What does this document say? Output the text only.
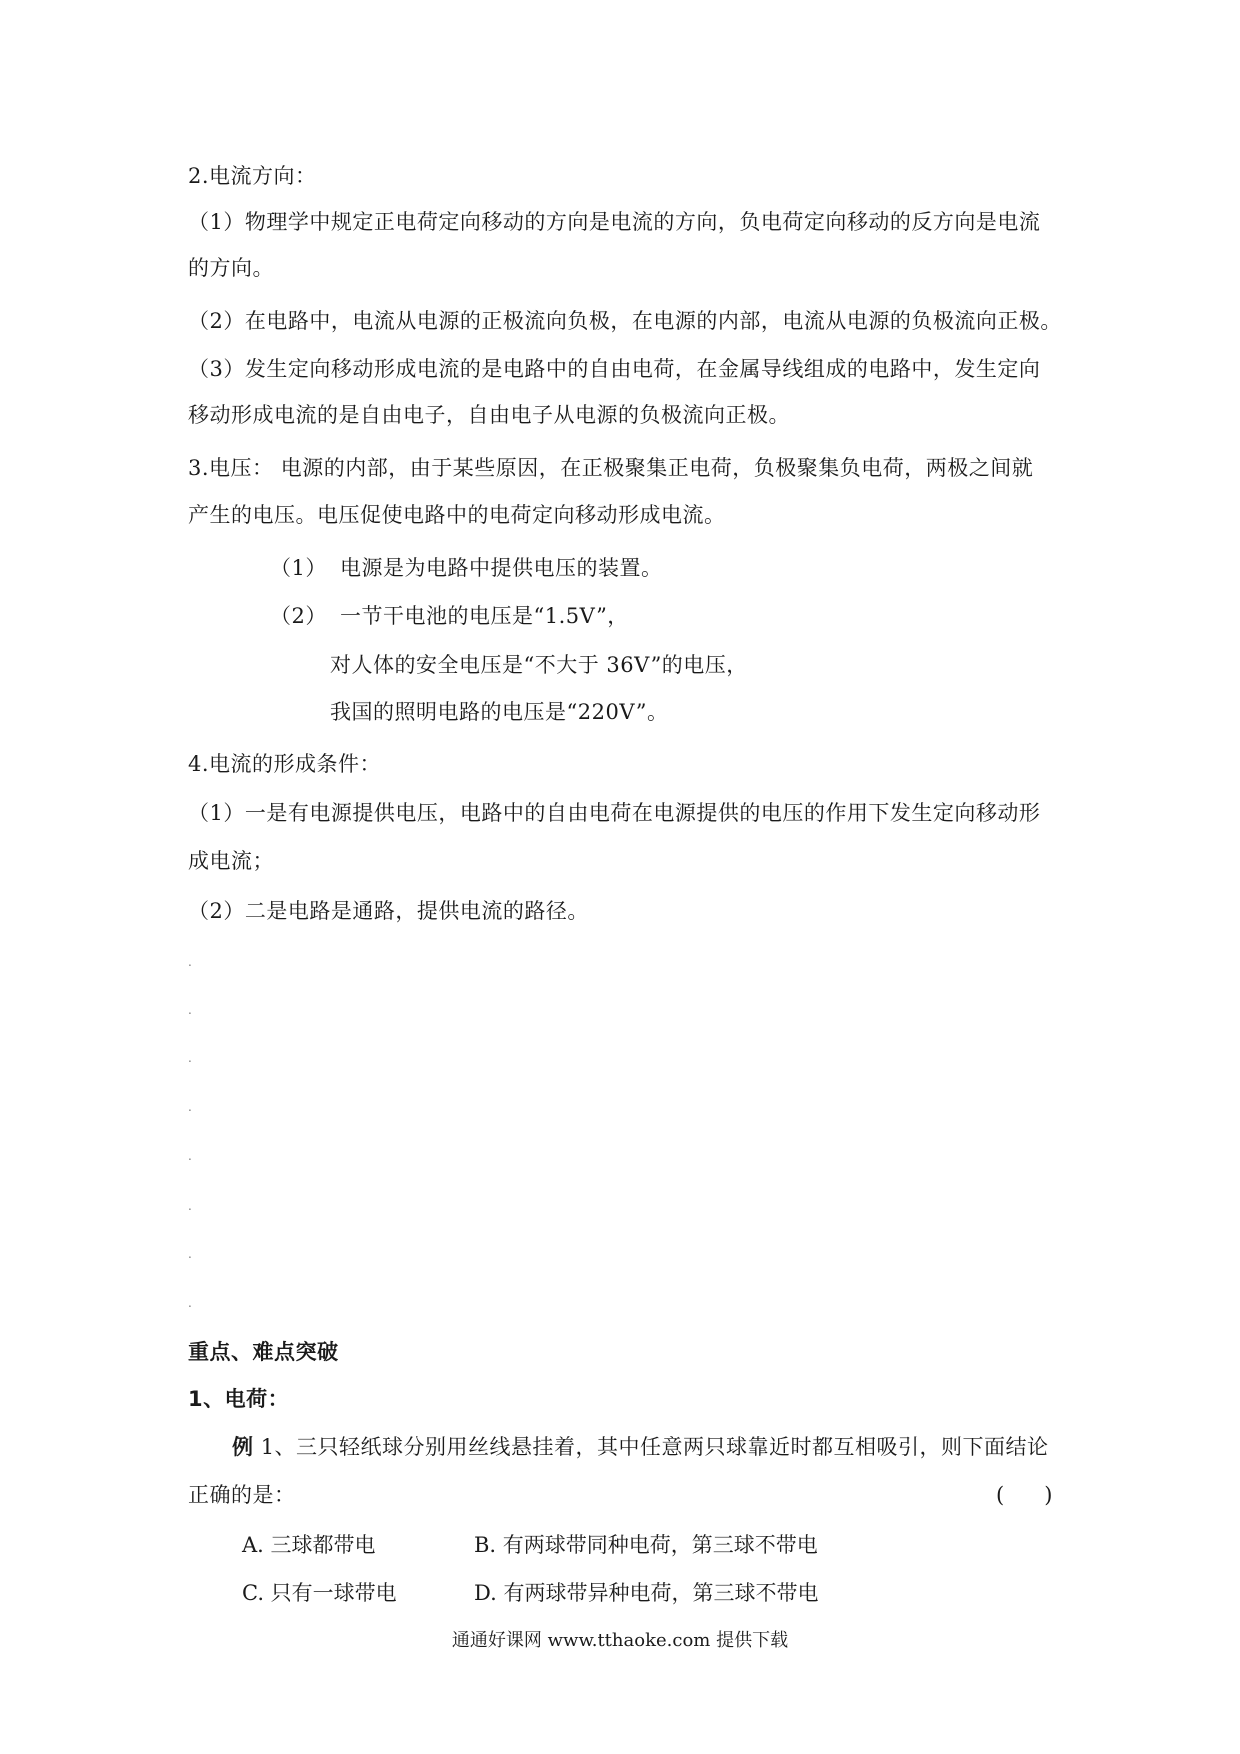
2.电流方向：
（1）物理学中规定正电荷定向移动的方向是电流的方向，负电荷定向移动的反方向是电流
的方向。
（2）在电路中，电流从电源的正极流向负极，在电源的内部，电流从电源的负极流向正极。
（3）发生定向移动形成电流的是电路中的自由电荷，在金属导线组成的电路中，发生定向
移动形成电流的是自由电子，自由电子从电源的负极流向正极。
3.电压： 电源的内部，由于某些原因，在正极聚集正电荷，负极聚集负电荷，两极之间就
产生的电压。电压促使电路中的电荷定向移动形成电流。
（1） 电源是为电路中提供电压的装置。
（2） 一节干电池的电压是“1.5V”，
对人体的安全电压是“不大于 36V”的电压，
我国的照明电路的电压是“220V”。
4.电流的形成条件：
（1）一是有电源提供电压，电路中的自由电荷在电源提供的电压的作用下发生定向移动形
成电流；
（2）二是电路是通路，提供电流的路径。
.
.
.
.
.
.
.
.
重点、难点突破
1、电荷：
例 1、三只轻纸球分别用丝线悬挂着，其中任意两只球靠近时都互相吸引，则下面结论
正确的是：	(      )
A. 三球都带电	B. 有两球带同种电荷，第三球不带电
C. 只有一球带电	D. 有两球带异种电荷，第三球不带电
通通好课网 www.tthaoke.com 提供下载
